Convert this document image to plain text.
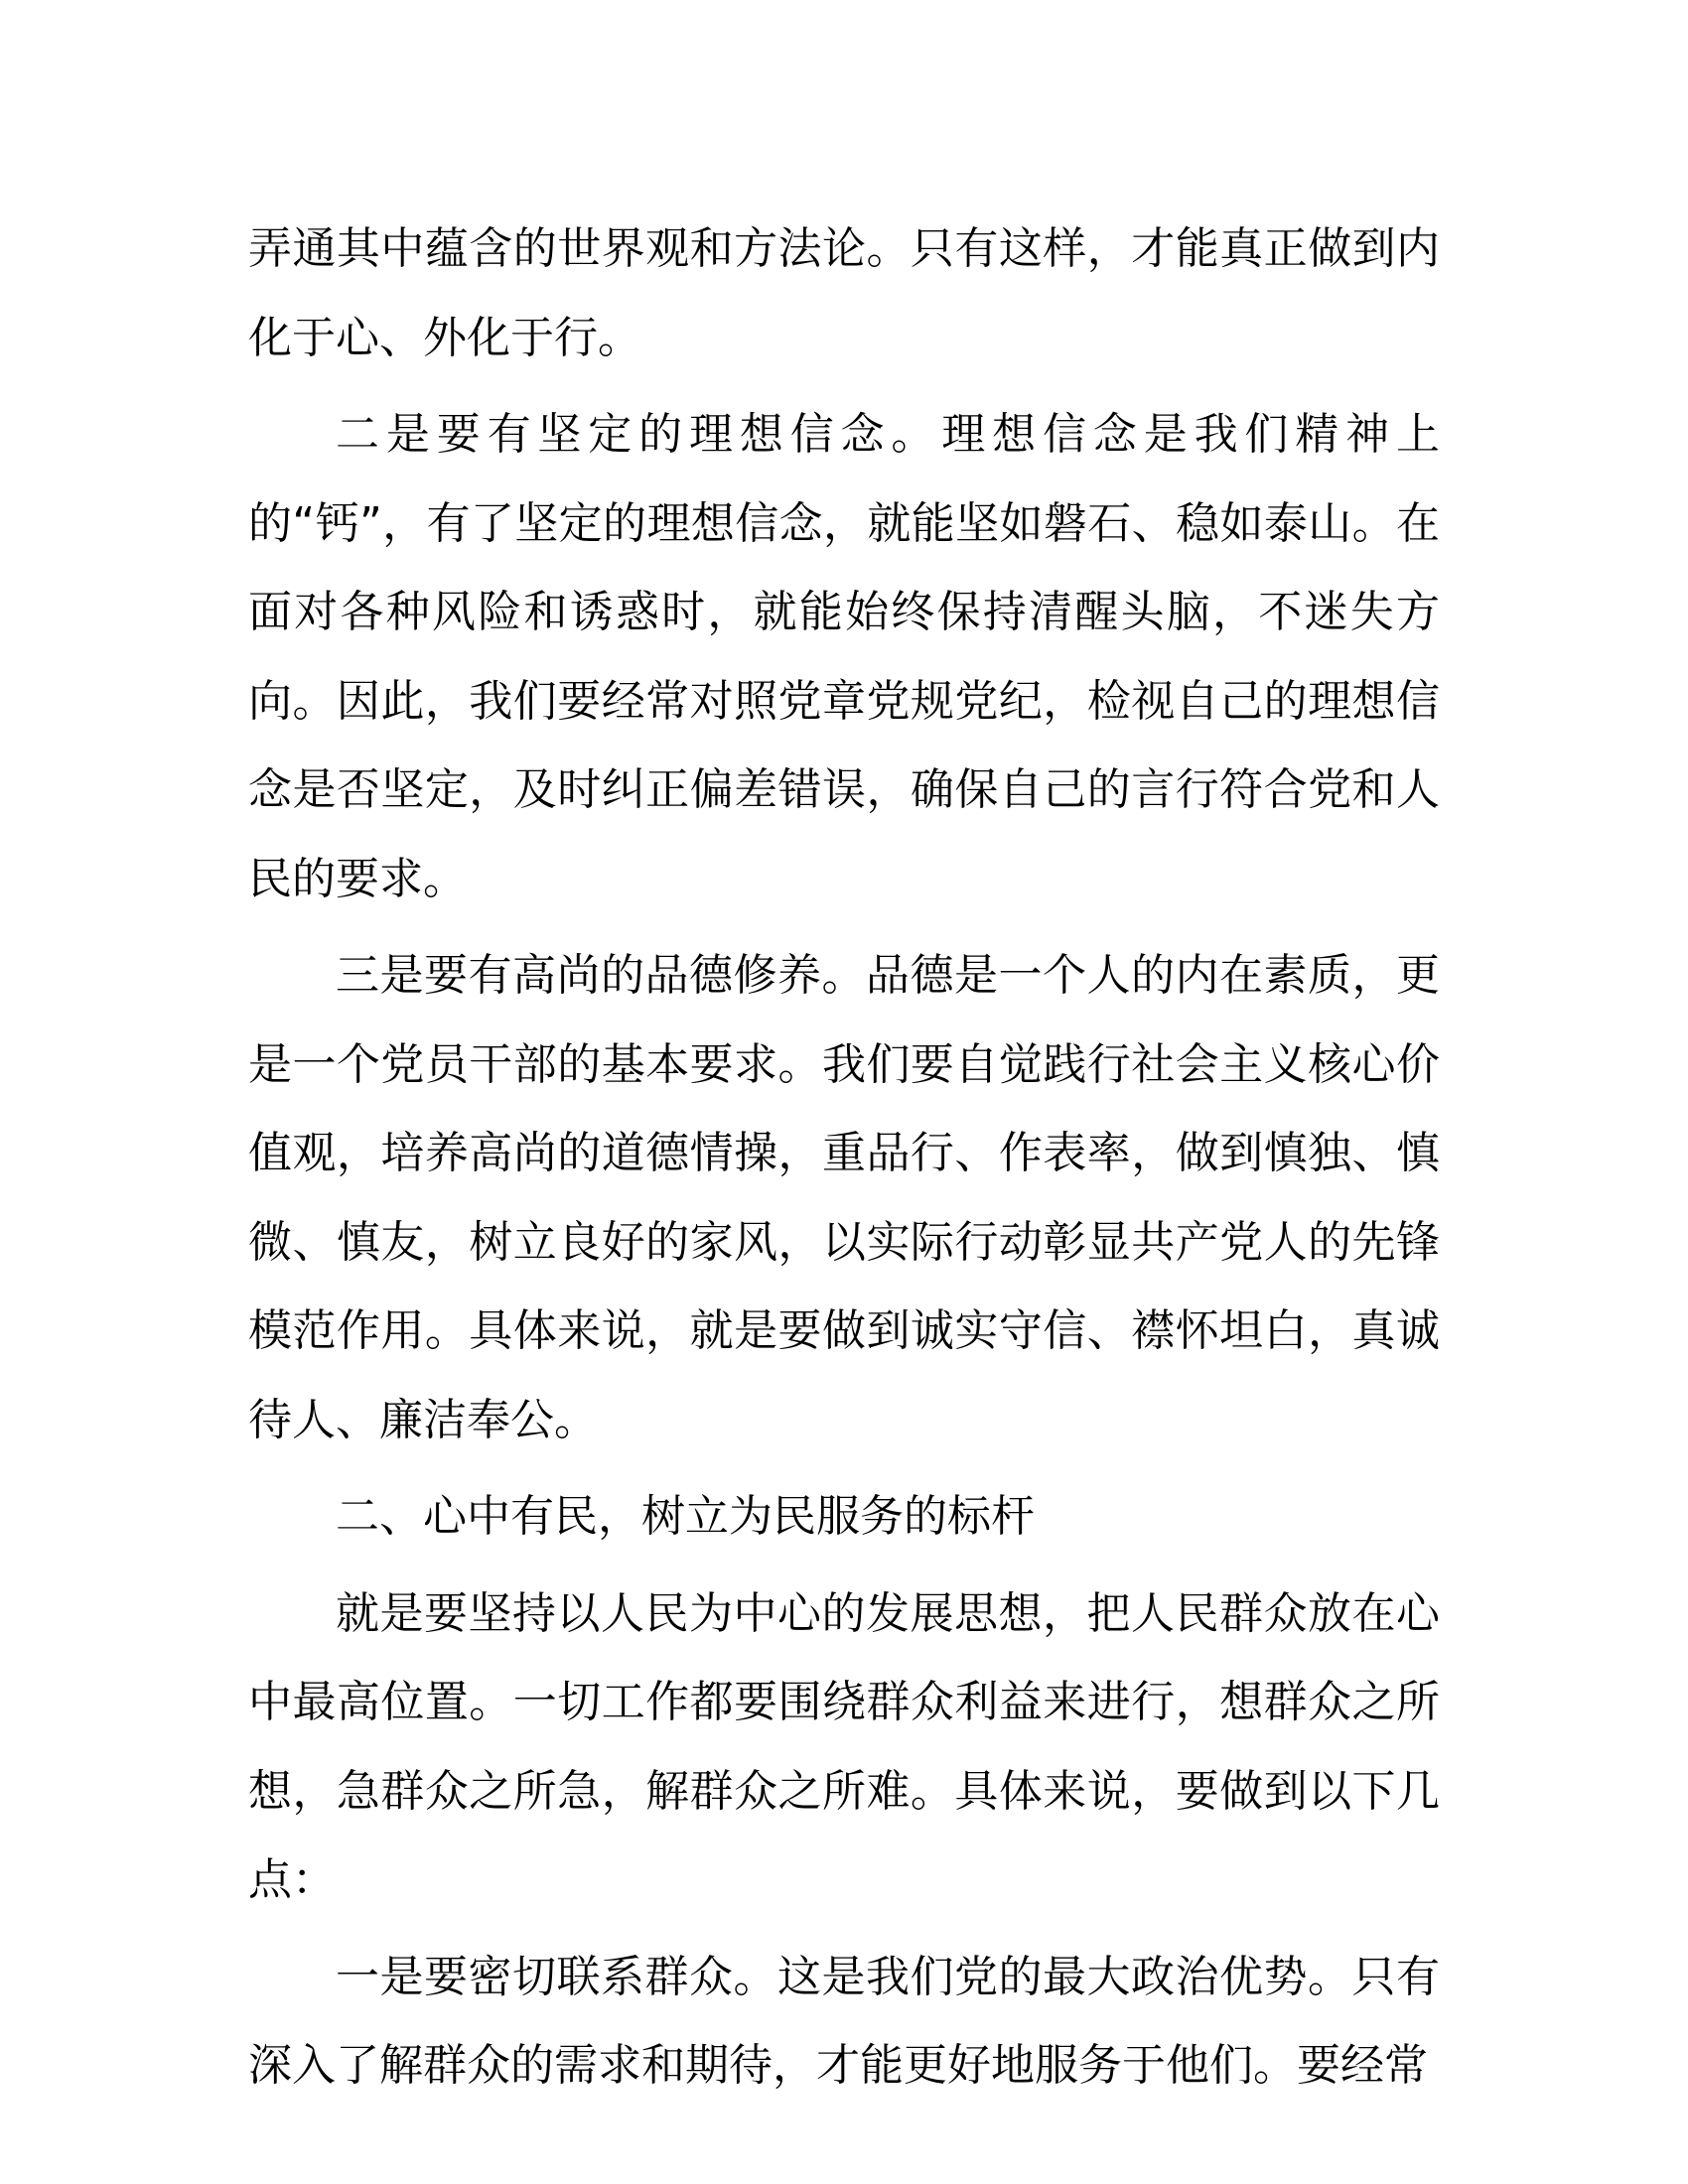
弄通其中蕴含的世界观和方法论。只有这样，才能真正做到内化于心、外化于行。

二是要有坚定的理想信念。理想信念是我们精神上的“钙”，有了坚定的理想信念，就能坚如磐石、稳如泰山。在面对各种风险和诱惑时，就能始终保持清醒头脑，不迷失方向。因此，我们要经常对照党章党规党纪，检视自己的理想信念是否坚定，及时纠正偏差错误，确保自己的言行符合党和人民的要求。

三是要有高尚的品德修养。品德是一个人的内在素质，更是一个党员干部的基本要求。我们要自觉践行社会主义核心价值观，培养高尚的道德情操，重品行、作表率，做到慎独、慎微、慎友，树立良好的家风，以实际行动彰显共产党人的先锋模范作用。具体来说，就是要做到诚实守信、襟怀坦白，真诚待人、廉洁奉公。

二、心中有民，树立为民服务的标杆

就是要坚持以人民为中心的发展思想，把人民群众放在心中最高位置。一切工作都要围绕群众利益来进行，想群众之所想，急群众之所急，解群众之所难。具体来说，要做到以下几点：

一是要密切联系群众。这是我们党的最大政治优势。只有深入了解群众的需求和期待，才能更好地服务于他们。要经常
